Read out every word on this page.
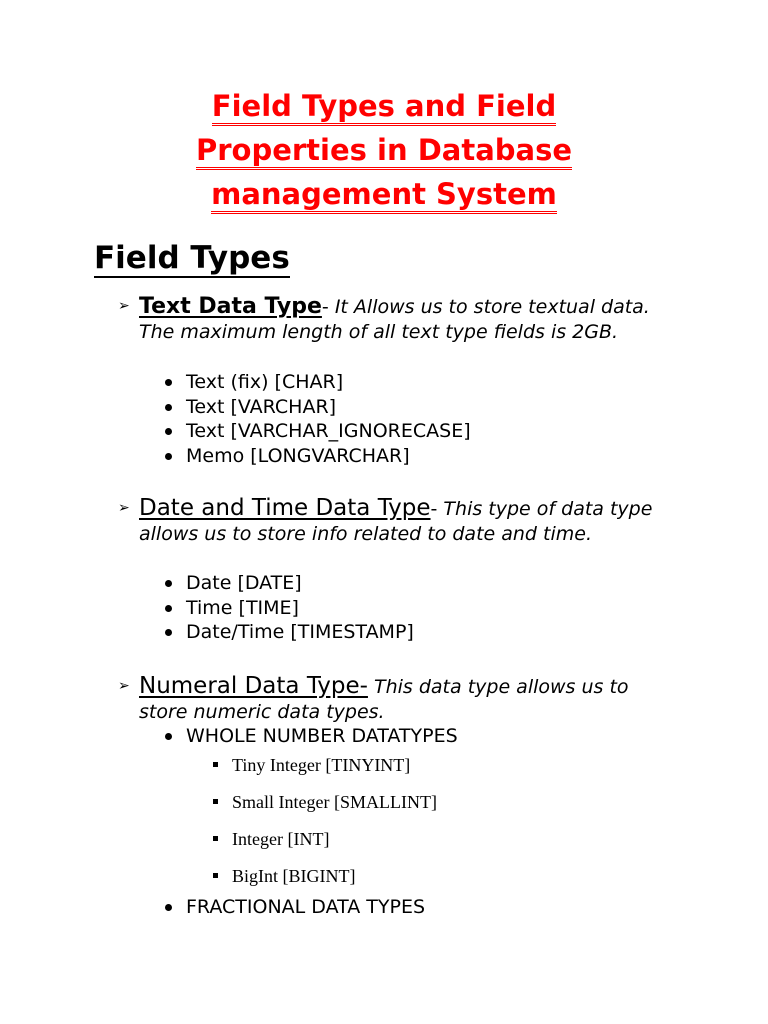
Field Types and Field
Properties in Database
management System
Field Types
➢ Text Data Type- It Allows us to store textual data. The maximum length of all text type fields is 2GB.
Text (fix) [CHAR]
Text [VARCHAR]
Text [VARCHAR_IGNORECASE]
Memo [LONGVARCHAR]
➢ Date and Time Data Type- This type of data type allows us to store info related to date and time.
Date [DATE]
Time [TIME]
Date/Time [TIMESTAMP]
➢ Numeral Data Type- This data type allows us to store numeric data types.
WHOLE NUMBER DATATYPES
Tiny Integer [TINYINT]
Small Integer [SMALLINT]
Integer [INT]
BigInt [BIGINT]
FRACTIONAL DATA TYPES
